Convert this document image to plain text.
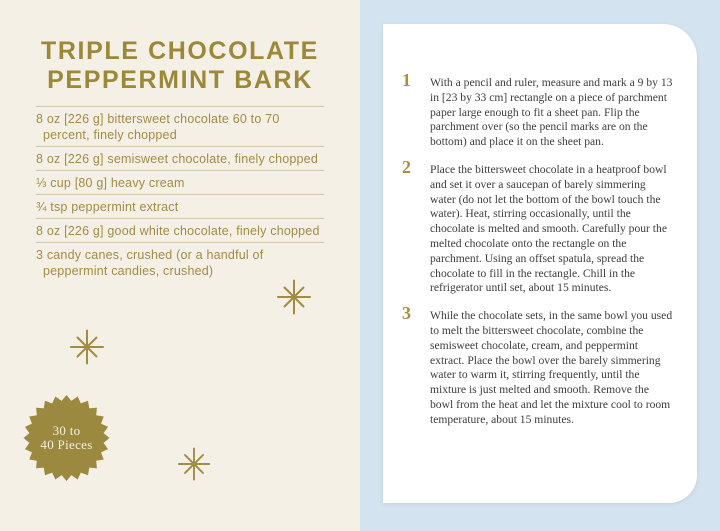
TRIPLE CHOCOLATE
PEPPERMINT BARK
8 oz [226 g] bittersweet chocolate 60 to 70 percent, finely chopped
8 oz [226 g] semisweet chocolate, finely chopped
⅓ cup [80 g] heavy cream
¾ tsp peppermint extract
8 oz [226 g] good white chocolate, finely chopped
3 candy canes, crushed (or a handful of peppermint candies, crushed)
30 to
40 Pieces
1	With a pencil and ruler, measure and mark a 9 by 13 in [23 by 33 cm] rectangle on a piece of parchment paper large enough to fit a sheet pan. Flip the parchment over (so the pencil marks are on the bottom) and place it on the sheet pan.

2	Place the bittersweet chocolate in a heatproof bowl and set it over a saucepan of barely simmering water (do not let the bottom of the bowl touch the water). Heat, stirring occasionally, until the chocolate is melted and smooth. Carefully pour the melted chocolate onto the rectangle on the parchment. Using an offset spatula, spread the chocolate to fill in the rectangle. Chill in the refrigerator until set, about 15 minutes.

3	While the chocolate sets, in the same bowl you used to melt the bittersweet chocolate, combine the semisweet chocolate, cream, and peppermint extract. Place the bowl over the barely simmering water to warm it, stirring frequently, until the mixture is just melted and smooth. Remove the bowl from the heat and let the mixture cool to room temperature, about 15 minutes.
